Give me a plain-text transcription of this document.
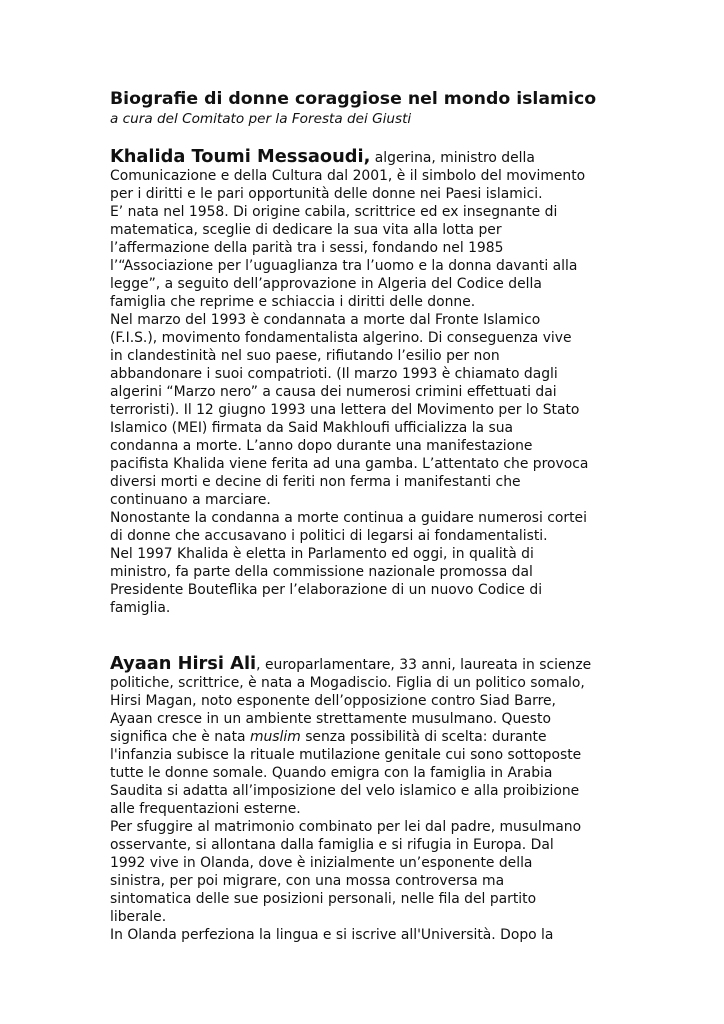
Biografie di donne coraggiose nel mondo islamico

a cura del Comitato per la Foresta dei Giusti

Khalida Toumi Messaoudi, algerina, ministro della
Comunicazione e della Cultura dal 2001, è il simbolo del movimento
per i diritti e le pari opportunità delle donne nei Paesi islamici.
E’ nata nel 1958. Di origine cabila, scrittrice ed ex insegnante di
matematica, sceglie di dedicare la sua vita alla lotta per
l’affermazione della parità tra i sessi, fondando nel 1985
l’“Associazione per l’uguaglianza tra l’uomo e la donna davanti alla
legge”, a seguito dell’approvazione in Algeria del Codice della
famiglia che reprime e schiaccia i diritti delle donne.
Nel marzo del 1993 è condannata a morte dal Fronte Islamico
(F.I.S.), movimento fondamentalista algerino. Di conseguenza vive
in clandestinità nel suo paese, rifiutando l’esilio per non
abbandonare i suoi compatrioti. (Il marzo 1993 è chiamato dagli
algerini “Marzo nero” a causa dei numerosi crimini effettuati dai
terroristi). Il 12 giugno 1993 una lettera del Movimento per lo Stato
Islamico (MEI) firmata da Said Makhloufi ufficializza la sua
condanna a morte. L’anno dopo durante una manifestazione
pacifista Khalida viene ferita ad una gamba. L’attentato che provoca
diversi morti e decine di feriti non ferma i manifestanti che
continuano a marciare.
Nonostante la condanna a morte continua a guidare numerosi cortei
di donne che accusavano i politici di legarsi ai fondamentalisti.
Nel 1997 Khalida è eletta in Parlamento ed oggi, in qualità di
ministro, fa parte della commissione nazionale promossa dal
Presidente Bouteflika per l’elaborazione di un nuovo Codice di
famiglia.
Ayaan Hirsi Ali, europarlamentare, 33 anni, laureata in scienze
politiche, scrittrice, è nata a Mogadiscio. Figlia di un politico somalo,
Hirsi Magan, noto esponente dell’opposizione contro Siad Barre,
Ayaan cresce in un ambiente strettamente musulmano. Questo
significa che è nata muslim senza possibilità di scelta: durante
l'infanzia subisce la rituale mutilazione genitale cui sono sottoposte
tutte le donne somale. Quando emigra con la famiglia in Arabia
Saudita si adatta all’imposizione del velo islamico e alla proibizione
alle frequentazioni esterne.
Per sfuggire al matrimonio combinato per lei dal padre, musulmano
osservante, si allontana dalla famiglia e si rifugia in Europa. Dal
1992 vive in Olanda, dove è inizialmente un’esponente della
sinistra, per poi migrare, con una mossa controversa ma
sintomatica delle sue posizioni personali, nelle fila del partito
liberale.
In Olanda perfeziona la lingua e si iscrive all'Università. Dopo la
